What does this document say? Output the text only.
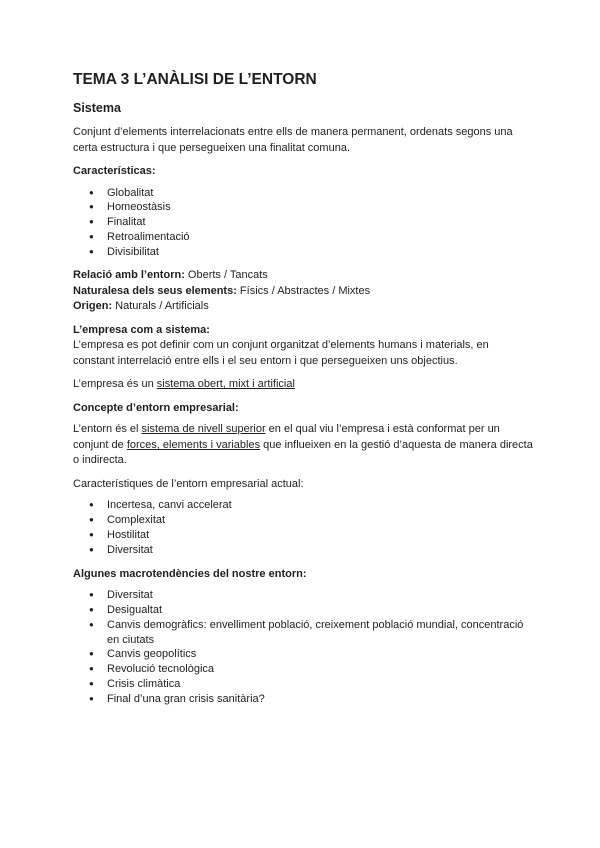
TEMA 3 L’ANÀLISI DE L’ENTORN
Sistema

Conjunt d’elements interrelacionats entre ells de manera permanent, ordenats segons una certa estructura i que persegueixen una finalitat comuna.

Características:

● Globalitat
● Homeostàsis
● Finalitat
● Retroalimentació
● Divisibilitat

Relació amb l’entorn: Oberts / Tancats

Naturalesa dels seus elements: Físics / Abstractes / Mixtes

Origen: Naturals / Artificials

L’empresa com a sistema:

L’empresa es pot definir com un conjunt organitzat d’elements humans i materials, en constant interrelació entre ells i el seu entorn i que persegueixen uns objectius.

L’empresa és un sistema obert, mixt i artificial

Concepte d’entorn empresarial:

L’entorn és el sistema de nivell superior en el qual viu l’empresa i està conformat per un conjunt de forces, elements i variables que influeixen en la gestió d’aquesta de manera directa o indirecta.

Característiques de l’entorn empresarial actual:

● Incertesa, canvi accelerat
● Complexitat
● Hostilitat
● Diversitat

Algunes macrotendències del nostre entorn:

● Diversitat
● Desigualtat
● Canvis demogràfics: envelliment població, creixement població mundial, concentració en ciutats
● Canvis geopolítics
● Revolució tecnològica
● Crisis climàtica
● Final d’una gran crisis sanitària?
